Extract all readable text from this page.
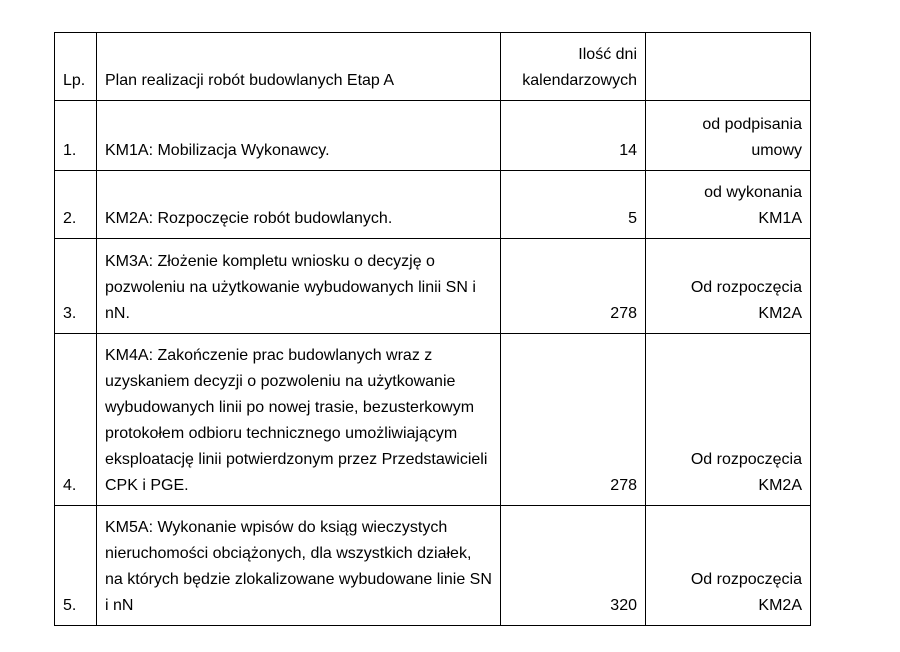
Lp.	Plan realizacji robót budowlanych Etap A	Ilość dni
kalendarzowych	

1.	KM1A: Mobilizacja Wykonawcy.	14	od podpisania
umowy

2.	KM2A: Rozpoczęcie robót budowlanych.	5	od wykonania
KM1A

3.	KM3A: Złożenie kompletu wniosku o decyzję o pozwoleniu na użytkowanie wybudowanych linii SN i nN.	278	Od rozpoczęcia
KM2A

4.	KM4A: Zakończenie prac budowlanych wraz z uzyskaniem decyzji o pozwoleniu na użytkowanie wybudowanych linii po nowej trasie, bezusterkowym protokołem odbioru technicznego umożliwiającym eksploatację linii potwierdzonym przez Przedstawicieli CPK i PGE.	278	Od rozpoczęcia
KM2A

5.	KM5A: Wykonanie wpisów do ksiąg wieczystych nieruchomości obciążonych, dla wszystkich działek, na których będzie zlokalizowane wybudowane linie SN i nN	320	Od rozpoczęcia
KM2A
